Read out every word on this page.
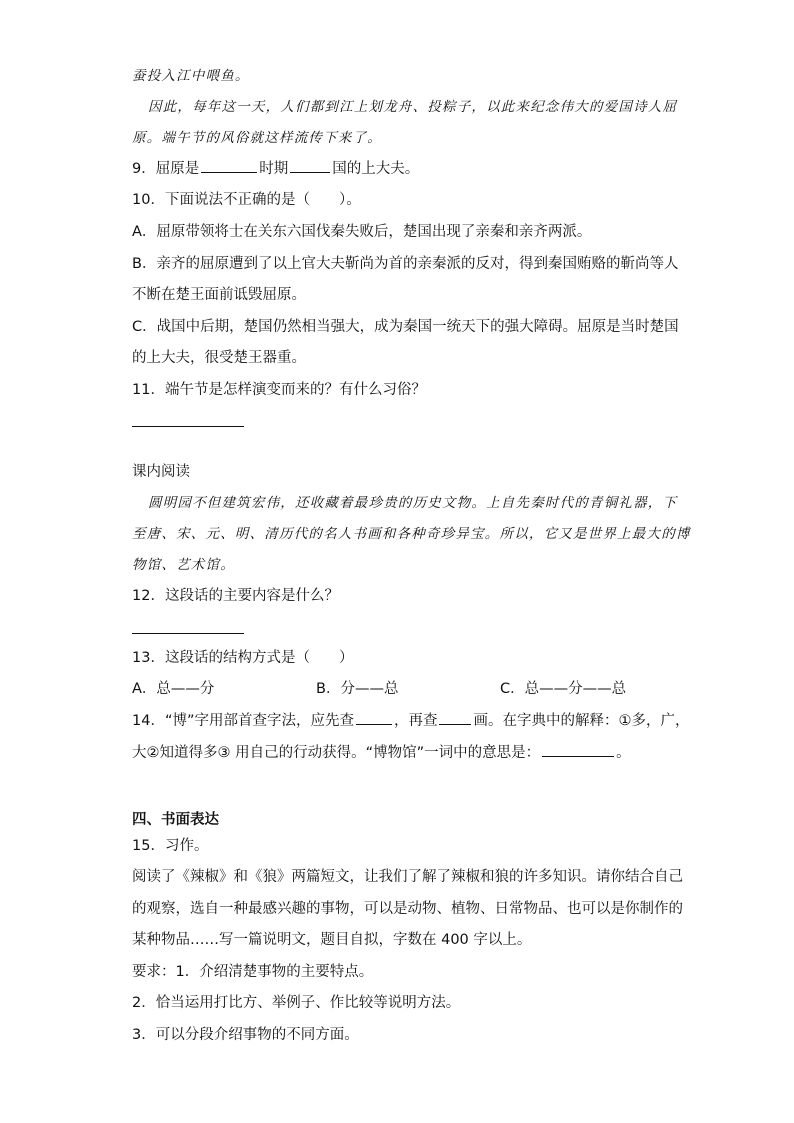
蚕投入江中喂鱼。
因此，每年这一天，人们都到江上划龙舟、投粽子，以此来纪念伟大的爱国诗人屈
原。端午节的风俗就这样流传下来了。
9．屈原是	时期	国的上大夫。
10．下面说法不正确的是（　　）。
A．屈原带领将士在关东六国伐秦失败后，楚国出现了亲秦和亲齐两派。
B．亲齐的屈原遭到了以上官大夫靳尚为首的亲秦派的反对，得到秦国贿赂的靳尚等人
不断在楚王面前诋毁屈原。
C．战国中后期，楚国仍然相当强大，成为秦国一统天下的强大障碍。屈原是当时楚国
的上大夫，很受楚王器重。
11．端午节是怎样演变而来的？有什么习俗？
课内阅读
圆明园不但建筑宏伟，还收藏着最珍贵的历史文物。上自先秦时代的青铜礼器，下
至唐、宋、元、明、清历代的名人书画和各种奇珍异宝。所以，它又是世界上最大的博
物馆、艺术馆。
12．这段话的主要内容是什么？
13．这段话的结构方式是（　　）
A．总——分	B．分——总	C．总——分——总
14．“博”字用部首查字法，应先查	，再查 画。在字典中的解释：①多，广，
大②知道得多③ 用自己的行动获得。“博物馆”一词中的意思是：	。
四、书面表达
15．习作。
阅读了《辣椒》和《狼》两篇短文，让我们了解了辣椒和狼的许多知识。请你结合自己
的观察，选自一种最感兴趣的事物，可以是动物、植物、日常物品、也可以是你制作的
某种物品……写一篇说明文，题目自拟，字数在 400 字以上。
要求：1．介绍清楚事物的主要特点。
2．恰当运用打比方、举例子、作比较等说明方法。
3．可以分段介绍事物的不同方面。
